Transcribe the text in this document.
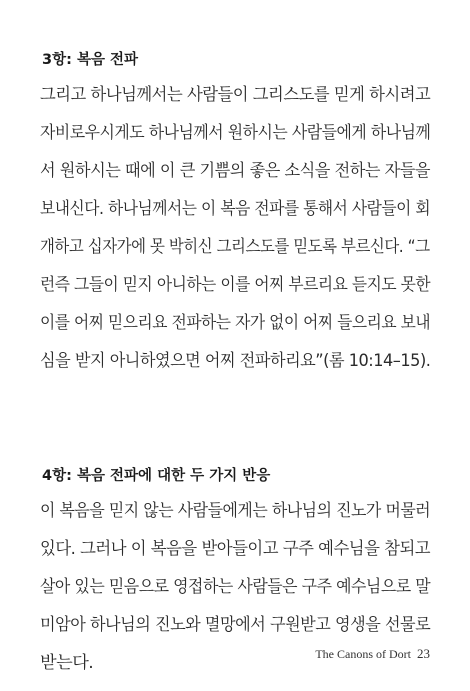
3항: 복음 전파
그리고 하나님께서는 사람들이 그리스도를 믿게 하시려고
자비로우시게도 하나님께서 원하시는 사람들에게 하나님께
서 원하시는 때에 이 큰 기쁨의 좋은 소식을 전하는 자들을
보내신다. 하나님께서는 이 복음 전파를 통해서 사람들이 회
개하고 십자가에 못 박히신 그리스도를 믿도록 부르신다. “그
런즉 그들이 믿지 아니하는 이를 어찌 부르리요 듣지도 못한
이를 어찌 믿으리요 전파하는 자가 없이 어찌 들으리요 보내
심을 받지 아니하였으면 어찌 전파하리요”(롬 10:14–15).
4항: 복음 전파에 대한 두 가지 반응
이 복음을 믿지 않는 사람들에게는 하나님의 진노가 머물러
있다. 그러나 이 복음을 받아들이고 구주 예수님을 참되고
살아 있는 믿음으로 영접하는 사람들은 구주 예수님으로 말
미암아 하나님의 진노와 멸망에서 구원받고 영생을 선물로
받는다.	The Canons of Dort 23
